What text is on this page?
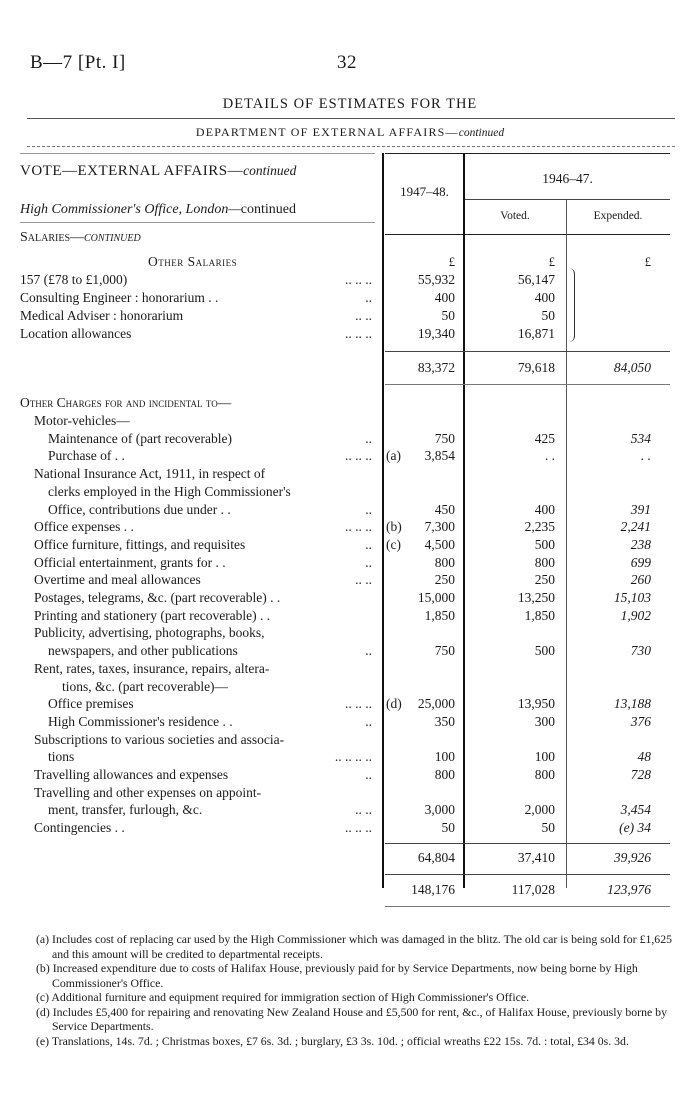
B—7 [Pt. I]	32
DETAILS OF ESTIMATES FOR THE
DEPARTMENT OF EXTERNAL AFFAIRS—continued
VOTE—EXTERNAL AFFAIRS—continued
High Commissioner's Office, London—continued
Salaries—continued
Other Salaries
1947–48.
1946–47.
Voted.	Expended.
£	£	£
157 (£78 to £1,000)	.. .. ..	55,932	56,147
Consulting Engineer : honorarium . .	..	400	400
Medical Adviser : honorarium	.. ..	50	50
Location allowances	.. .. ..	19,340	16,871
83,372	79,618	84,050
Other Charges for and incidental to—
Motor-vehicles—
Maintenance of (part recoverable)	..	750	425	534
Purchase of . .	.. .. .. (a) 3,854	. .	. .
National Insurance Act, 1911, in respect of
clerks employed in the High Commissioner's
Office, contributions due under . .	..	450	400	391
Office expenses . .	.. .. .. (b) 7,300	2,235	2,241
Office furniture, fittings, and requisites	.. (c) 4,500	500	238
Official entertainment, grants for . .	..	800	800	699
Overtime and meal allowances	.. ..	250	250	260
Postages, telegrams, &c. (part recoverable) . .	15,000	13,250	15,103
Printing and stationery (part recoverable) . .	1,850	1,850	1,902
Publicity, advertising, photographs, books,
newspapers, and other publications	..	750	500	730
Rent, rates, taxes, insurance, repairs, altera-
tions, &c. (part recoverable)—
Office premises	.. .. .. (d) 25,000	13,950	13,188
High Commissioner's residence . .	..	350	300	376
Subscriptions to various societies and associa-
tions	.. .. .. ..	100	100	48
Travelling allowances and expenses	..	800	800	728
Travelling and other expenses on appoint-
ment, transfer, furlough, &c.	.. ..	3,000	2,000	3,454
Contingencies . .	.. .. ..	50	50	(e) 34
64,804	37,410	39,926
148,176	117,028	123,976
(a) Includes cost of replacing car used by the High Commissioner which was damaged in the blitz. The old car is being sold for £1,625 and this amount will be credited to departmental receipts.
(b) Increased expenditure due to costs of Halifax House, previously paid for by Service Departments, now being borne by High Commissioner's Office.
(c) Additional furniture and equipment required for immigration section of High Commissioner's Office.
(d) Includes £5,400 for repairing and renovating New Zealand House and £5,500 for rent, &c., of Halifax House, previously borne by Service Departments.
(e) Translations, 14s. 7d. ; Christmas boxes, £7 6s. 3d. ; burglary, £3 3s. 10d. ; official wreaths £22 15s. 7d. : total, £34 0s. 3d.
